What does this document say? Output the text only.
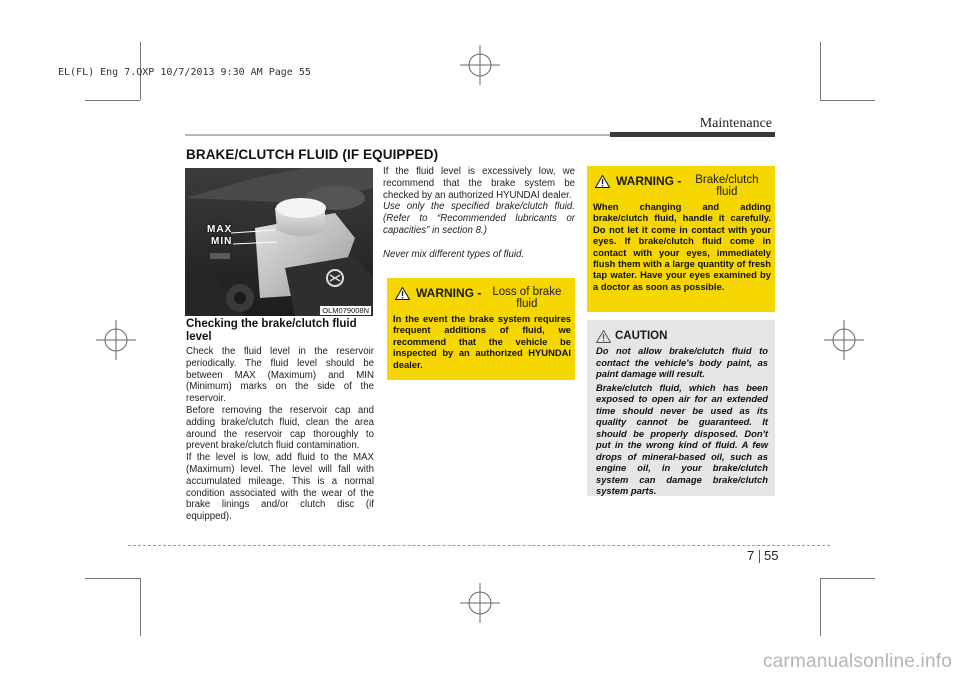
EL(FL) Eng 7.QXP 10/7/2013 9:30 AM Page 55
Maintenance
BRAKE/CLUTCH FLUID (IF EQUIPPED)
MAX
MIN
OLM079008N
Checking the brake/clutch fluid level

Check the fluid level in the reservoir periodically. The fluid level should be between MAX (Maximum) and MIN (Minimum) marks on the side of the reservoir.

Before removing the reservoir cap and adding brake/clutch fluid, clean the area around the reservoir cap thoroughly to prevent brake/clutch fluid contamination.

If the level is low, add fluid to the MAX (Maximum) level. The level will fall with accumulated mileage. This is a normal condition associated with the wear of the brake linings and/or clutch disc (if equipped).

If the fluid level is excessively low, we recommend that the brake system be checked by an authorized HYUNDAI dealer.

Use only the specified brake/clutch fluid. (Refer to “Recommended lubricants or capacities” in section 8.)

Never mix different types of fluid.

WARNING - Loss of brake fluid
In the event the brake system requires frequent additions of fluid, we recommend that the vehicle be inspected by an authorized HYUNDAI dealer.
WARNING - Brake/clutch fluid
When changing and adding brake/clutch fluid, handle it carefully. Do not let it come in contact with your eyes. If brake/clutch fluid come in contact with your eyes, immediately flush them with a large quantity of fresh tap water. Have your eyes examined by a doctor as soon as possible.
CAUTION

Do not allow brake/clutch fluid to contact the vehicle's body paint, as paint damage will result.

Brake/clutch fluid, which has been exposed to open air for an extended time should never be used as its quality cannot be guaranteed. It should be properly disposed. Don't put in the wrong kind of fluid. A few drops of mineral-based oil, such as engine oil, in your brake/clutch system can damage brake/clutch system parts.

7 55
carmanualsonline.info
